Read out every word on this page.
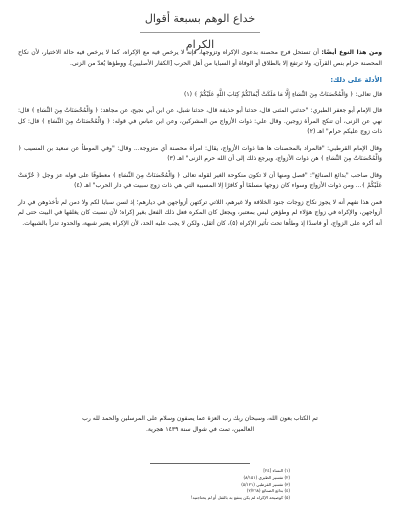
خداع الوهم بسبعة أقوال الكرام

ومن هذا النوع أيضًا: أن تستحل فرج محصنة بدعوى الإكراه وتزوجها، فإنه لا يرخص فيه مع الإكراه، كما لا يرخص فيه حالة الاختيار، لأن نكاح المحصنة حرام بنص القرآن، ولا ترتفع إلا بالطلاق أو الوفاة أو السبايا من أهل الحرب [الكفار الأصليين]، ووطؤها يُعدّ من الزنى.

الأدلة على ذلك:

قال تعالى: ﴿ وَالْمُحْصَنَاتُ مِنَ النِّسَاءِ إِلَّا مَا مَلَكَتْ أَيْمَانُكُمْ كِتَابَ اللَّهِ عَلَيْكُمْ ﴾ (١)

قال الإمام أبو جعفر الطبري: "حدثني المثنى قال، حدثنا أبو حذيفة قال، حدثنا شبل، عن ابن أبي نجيح، عن مجاهد: ﴿ وَالْمُحْصَنَاتُ مِنَ النِّسَاءِ ﴾ قال: نهي عن الزنى، أن تنكح المرأة زوجين. وقال علي: ذوات الأزواج من المشركين، وعن ابن عباس في قوله: ﴿ وَالْمُحْصَنَاتُ مِنَ النِّسَاءِ ﴾ قال: كل ذات زوج عليكم حرام" اهـ (٢)

وقال الإمام القرطبي: "فالمراد بالمحصنات ها هنا ذوات الأزواج، يقال: امرأة محصنة أي متزوجة... وقال: "وفي الموطأ عن سعيد بن المسيب ﴿ وَالْمُحْصَنَاتُ مِنَ النِّسَاءِ ﴾ هن ذوات الأزواج، ويرجع ذلك إلى أن الله حرم الزنى" اهـ (٣)

وقال صاحب "بدائع الصنائع": "فصل ومنها أن لا تكون منكوحة الغير لقوله تعالى ﴿ وَالْمُحْصَنَاتُ مِنَ النِّسَاءِ ﴾ معطوفًا على قوله عز وجل ﴿ حُرِّمَتْ عَلَيْكُمْ ﴾... ومن ذوات الأزواج وسواء كان زوجها مسلمًا أو كافرًا إلا المسبية التي هي ذات زوج سبيت في دار الحرب" اهـ (٤)

فمن هذا نفهم أنه لا يجوز نكاح زوجات جنود الخلافة ولا غيرهم، اللاتي تركتهن أزواجهن في ديارهم؛ إذ لسن سبايا لكم ولا دمن لم تأخذوهن في دار أزواجهن، والإكراه في زواج هؤلاء لم وطؤهن ليس بمعتبر، ويجعل كان المكره فعل ذلك الفعل بغير إكراه؛ لأن نسبت كان يغلقها في البيت حتى لم أنه أكره على الزواج، أو فاسدًا إذ وطأها تحت تأثير الإكراه (٥)، كان أثقل، ولكن لا يجب عليه الحد، لأن الإكراه يعتبر شبهة، والحدود تدرأ بالشبهات.

تم الكتاب بعون الله، وسبحان ربك رب العزة عما يصفون وسلام على المرسلين والحمد لله رب
العالمين، تمت في شوال سنة ١٤٣٩ هجرية.

(١) النساء [٢٤]

(٢) تفسير الطبري (٨/١٥١)

(٣) تفسير القرطبي (٥/١٢١)

(٤) بدائع الصنائع (٢/٢٦٨)

(٥) كوصيحة الإكراه لم يكن ينتفع به بالقتل أو لم يحتاجنيه!
